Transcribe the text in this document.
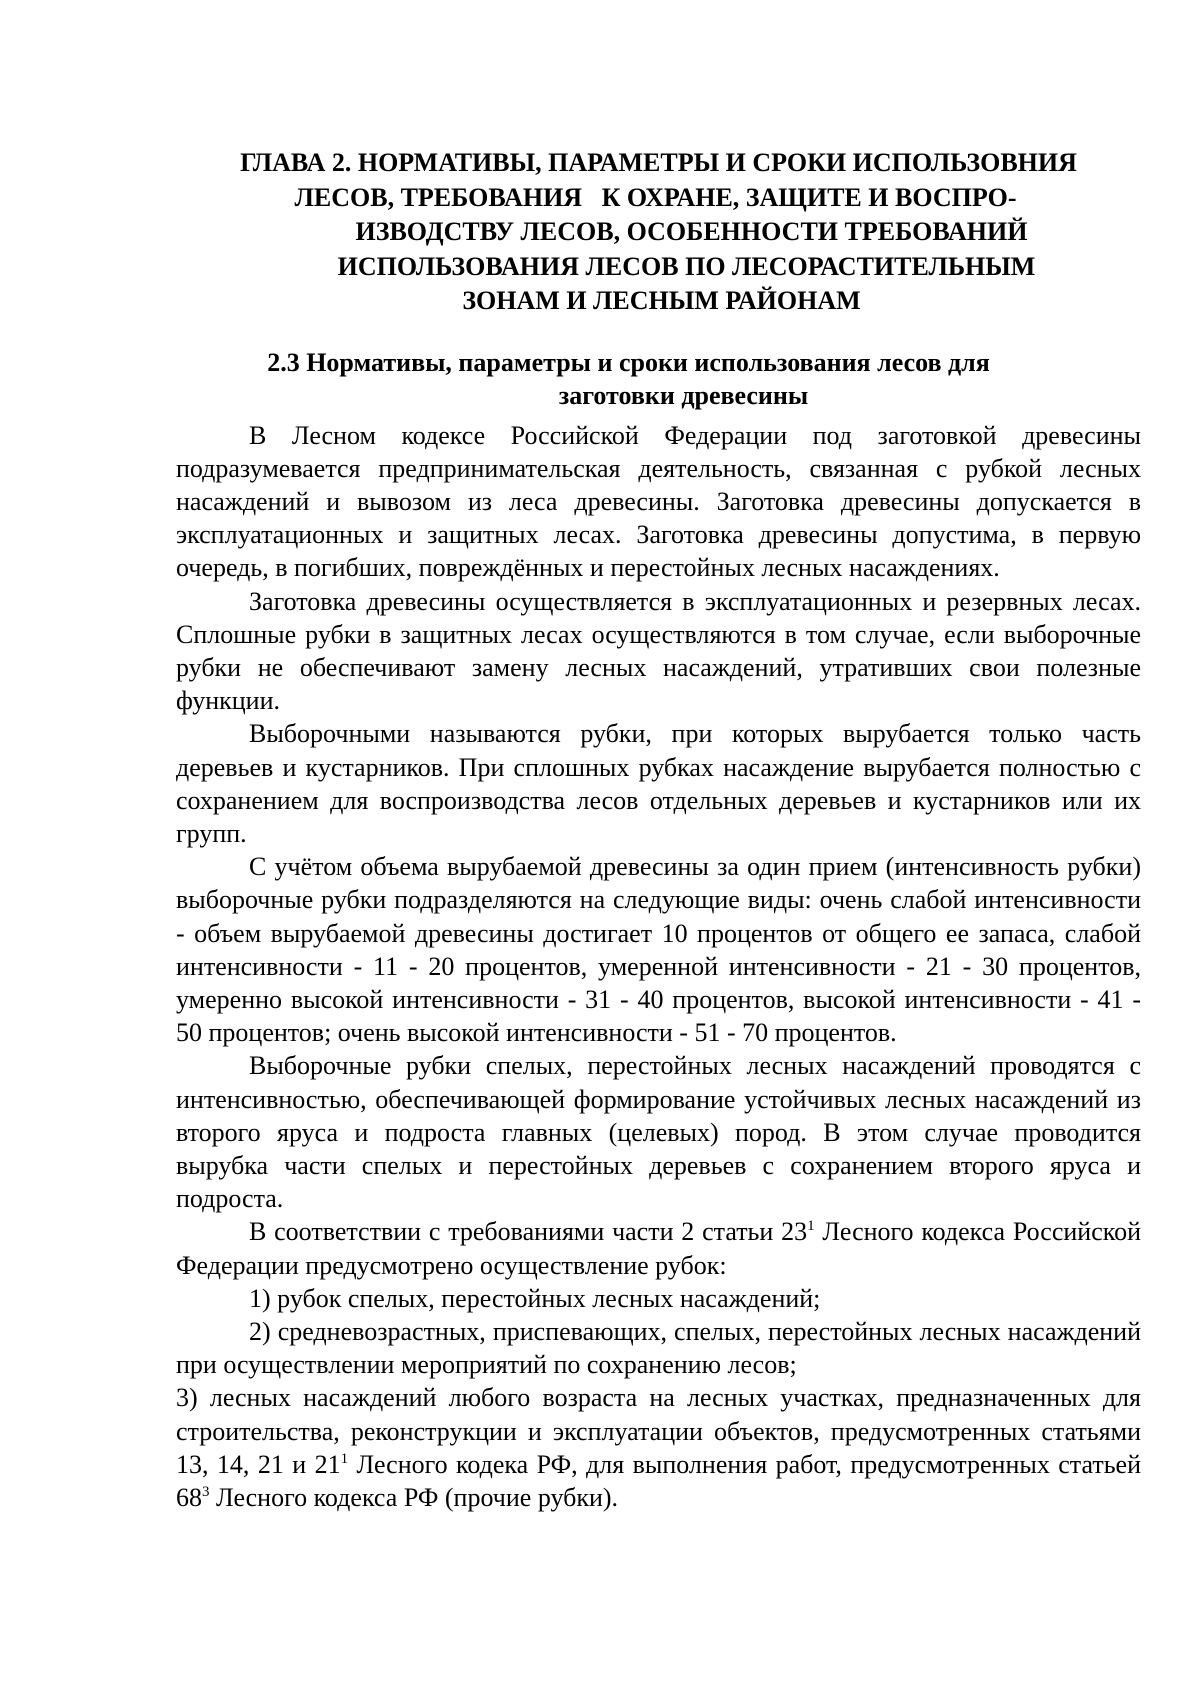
ГЛАВА 2. НОРМАТИВЫ, ПАРАМЕТРЫ И СРОКИ ИСПОЛЬЗОВНИЯ
ЛЕСОВ, ТРЕБОВАНИЯ   К ОХРАНЕ, ЗАЩИТЕ И ВОСПРО-
ИЗВОДСТВУ ЛЕСОВ, ОСОБЕННОСТИ ТРЕБОВАНИЙ
ИСПОЛЬЗОВАНИЯ ЛЕСОВ ПО ЛЕСОРАСТИТЕЛЬНЫМ
ЗОНАМ И ЛЕСНЫМ РАЙОНАМ
2.3 Нормативы, параметры и сроки использования лесов для
заготовки древесины

В Лесном кодексе Российской Федерации под заготовкой древесины подразумевается предпринимательская деятельность, связанная с рубкой лесных насаждений и вывозом из леса древесины. Заготовка древесины допускается в эксплуатационных и защитных лесах. Заготовка древесины допустима, в первую очередь, в погибших, повреждённых и перестойных лесных насаждениях.

Заготовка древесины осуществляется в эксплуатационных и резервных лесах. Сплошные рубки в защитных лесах осуществляются в том случае, если выборочные рубки не обеспечивают замену лесных насаждений, утративших свои полезные функции.

Выборочными называются рубки, при которых вырубается только часть деревьев и кустарников. При сплошных рубках насаждение вырубается полностью с сохранением для воспроизводства лесов отдельных деревьев и кустарников или их групп.

С учётом объема вырубаемой древесины за один прием (интенсивность рубки) выборочные рубки подразделяются на следующие виды: очень слабой интенсивности - объем вырубаемой древесины достигает 10 процентов от общего ее запаса, слабой интенсивности - 11 - 20 процентов, умеренной интенсивности - 21 - 30 процентов, умеренно высокой интенсивности - 31 - 40 процентов, высокой интенсивности - 41 - 50 процентов; очень высокой интенсивности - 51 - 70 процентов.

Выборочные рубки спелых, перестойных лесных насаждений проводятся с интенсивностью, обеспечивающей формирование устойчивых лесных насаждений из второго яруса и подроста главных (целевых) пород. В этом случае проводится вырубка части спелых и перестойных деревьев с сохранением второго яруса и подроста.

В соответствии с требованиями части 2 статьи $23^1$ Лесного кодекса Российской Федерации предусмотрено осуществление рубок:

1) рубок спелых, перестойных лесных насаждений;

2) средневозрастных, приспевающих, спелых, перестойных лесных насаждений при осуществлении мероприятий по сохранению лесов;

3) лесных насаждений любого возраста на лесных участках, предназначенных для строительства, реконструкции и эксплуатации объектов, предусмотренных статьями 13, 14, 21 и $21^1$ Лесного кодека РФ, для выполнения работ, предусмотренных статьей $68^3$ Лесного кодекса РФ (прочие рубки).
